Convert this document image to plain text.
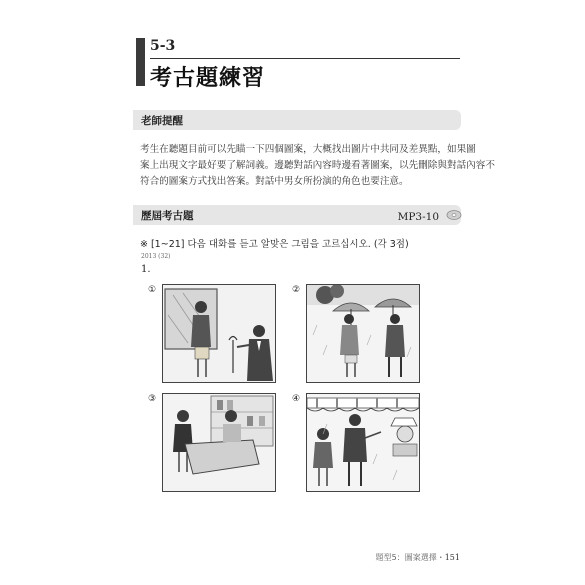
5-3
考古題練習
老師提醒
考生在聽題目前可以先瞄一下四個圖案，大概找出圖片中共同及差異點，如果圖
案上出現文字最好要了解詞義。邊聽對話內容時邊看著圖案，以先刪除與對話內容不
符合的圖案方式找出答案。對話中男女所扮演的角色也要注意。
歷屆考古題	MP3-10
※ [1~21] 다음 대화를 듣고 알맞은 그림을 고르십시오. (각 3점)
2013 (32)
1.
①	②
③	④
題型5：圖案選擇・151
